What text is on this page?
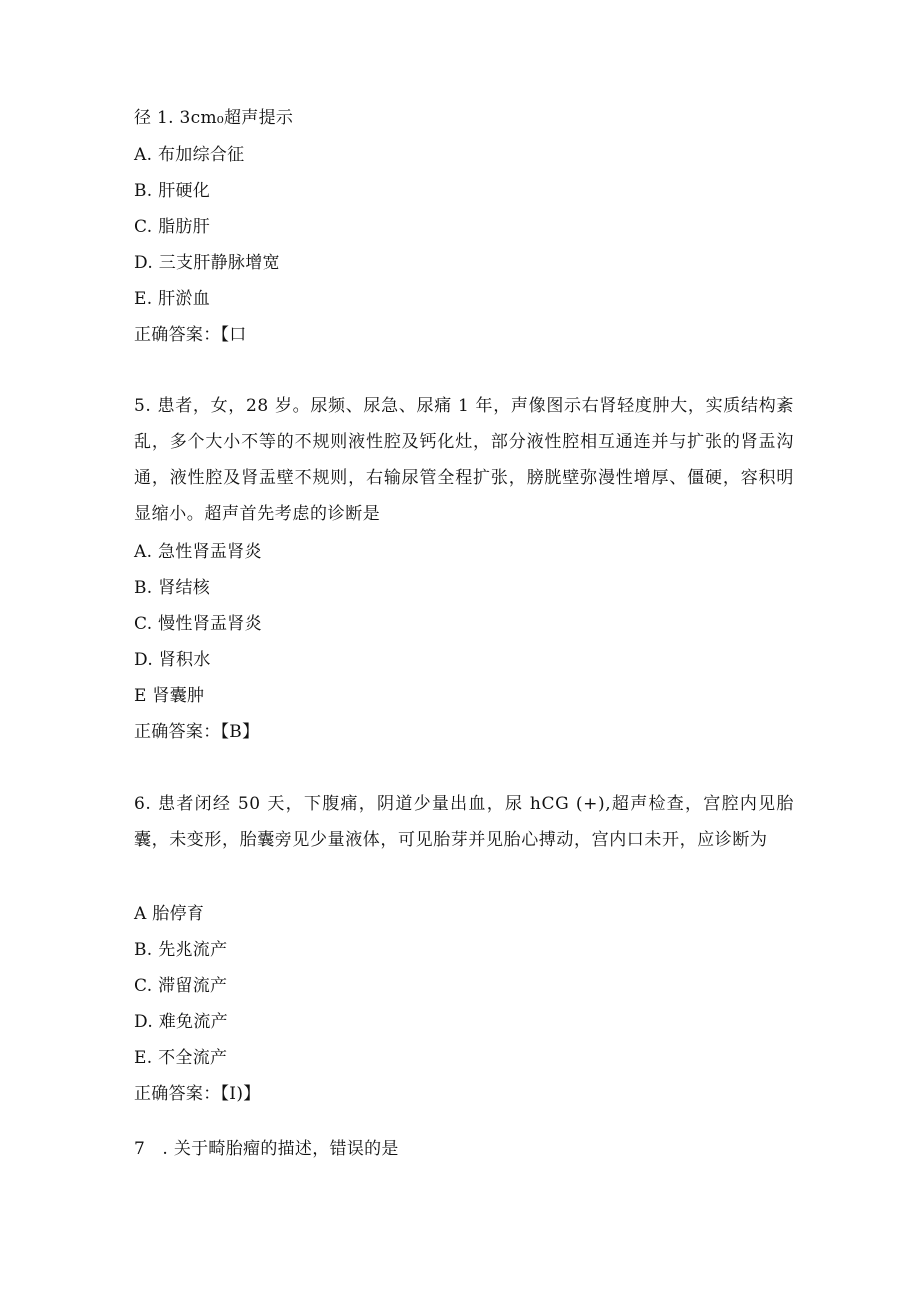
径 1. 3cm₀超声提示
A. 布加综合征
B. 肝硬化
C. 脂肪肝
D. 三支肝静脉增宽
E. 肝淤血
正确答案：【口
5. 患者，女，28 岁。尿频、尿急、尿痛 1 年，声像图示右肾轻度肿大，实质结构紊乱，多个大小不等的不规则液性腔及钙化灶，部分液性腔相互通连并与扩张的肾盂沟通，液性腔及肾盂壁不规则，右输尿管全程扩张，膀胱壁弥漫性增厚、僵硬，容积明显缩小。超声首先考虑的诊断是
A. 急性肾盂肾炎
B. 肾结核
C. 慢性肾盂肾炎
D. 肾积水
E 肾囊肿
正确答案：【B】
6. 患者闭经 50 天，下腹痛，阴道少量出血，尿 hCG (+),超声检查，宫腔内见胎囊，未变形，胎囊旁见少量液体，可见胎芽并见胎心搏动，宫内口未开，应诊断为
A 胎停育
B. 先兆流产
C. 滞留流产
D. 难免流产
E. 不全流产
正确答案：【I)】
7　. 关于畸胎瘤的描述，错误的是
